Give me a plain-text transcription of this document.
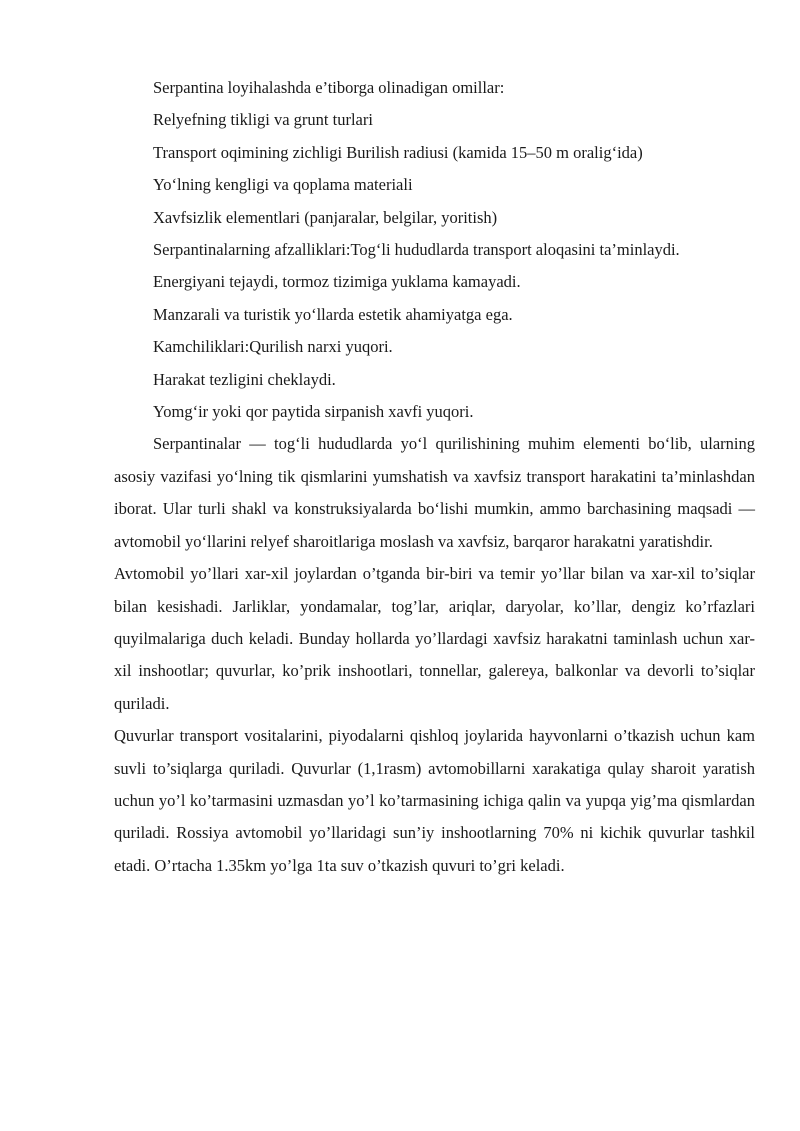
Serpantina loyihalashda e’tiborga olinadigan omillar:

Relyefning tikligi va grunt turlari

Transport oqimining zichligi Burilish radiusi (kamida 15–50 m oralig‘ida)

Yo‘lning kengligi va qoplama materiali

Xavfsizlik elementlari (panjaralar, belgilar, yoritish)

Serpantinalarning afzalliklari:Tog‘li hududlarda transport aloqasini ta’minlaydi.

Energiyani tejaydi, tormoz tizimiga yuklama kamayadi.

Manzarali va turistik yo‘llarda estetik ahamiyatga ega.

Kamchiliklari:Qurilish narxi yuqori.

Harakat tezligini cheklaydi.

Yomg‘ir yoki qor paytida sirpanish xavfi yuqori.

Serpantinalar — tog‘li hududlarda yo‘l qurilishining muhim elementi bo‘lib, ularning asosiy vazifasi yo‘lning tik qismlarini yumshatish va xavfsiz transport harakatini ta’minlashdan iborat. Ular turli shakl va konstruksiyalarda bo‘lishi mumkin, ammo barchasining maqsadi — avtomobil yo‘llarini relyef sharoitlariga moslash va xavfsiz, barqaror harakatni yaratishdir.

Avtomobil yo’llari xar-xil joylardan o’tganda bir-biri va temir yo’llar bilan va xar-xil to’siqlar bilan kesishadi. Jarliklar, yondamalar, tog’lar, ariqlar, daryolar, ko’llar, dengiz ko’rfazlari quyilmalariga duch keladi. Bunday hollarda yo’llardagi xavfsiz harakatni taminlash uchun xar-xil inshootlar; quvurlar, ko’prik inshootlari, tonnellar, galereya, balkonlar va devorli to’siqlar quriladi.

Quvurlar transport vositalarini, piyodalarni qishloq joylarida hayvonlarni o’tkazish uchun kam suvli to’siqlarga quriladi. Quvurlar (1,1rasm) avtomobillarni xarakatiga qulay sharoit yaratish uchun yo’l ko’tarmasini uzmasdan yo’l ko’tarmasining ichiga qalin va yupqa yig’ma qismlardan quriladi. Rossiya avtomobil yo’llaridagi sun’iy inshootlarning 70% ni kichik quvurlar tashkil etadi. O’rtacha 1.35km yo’lga 1ta suv o’tkazish quvuri to’gri keladi.
